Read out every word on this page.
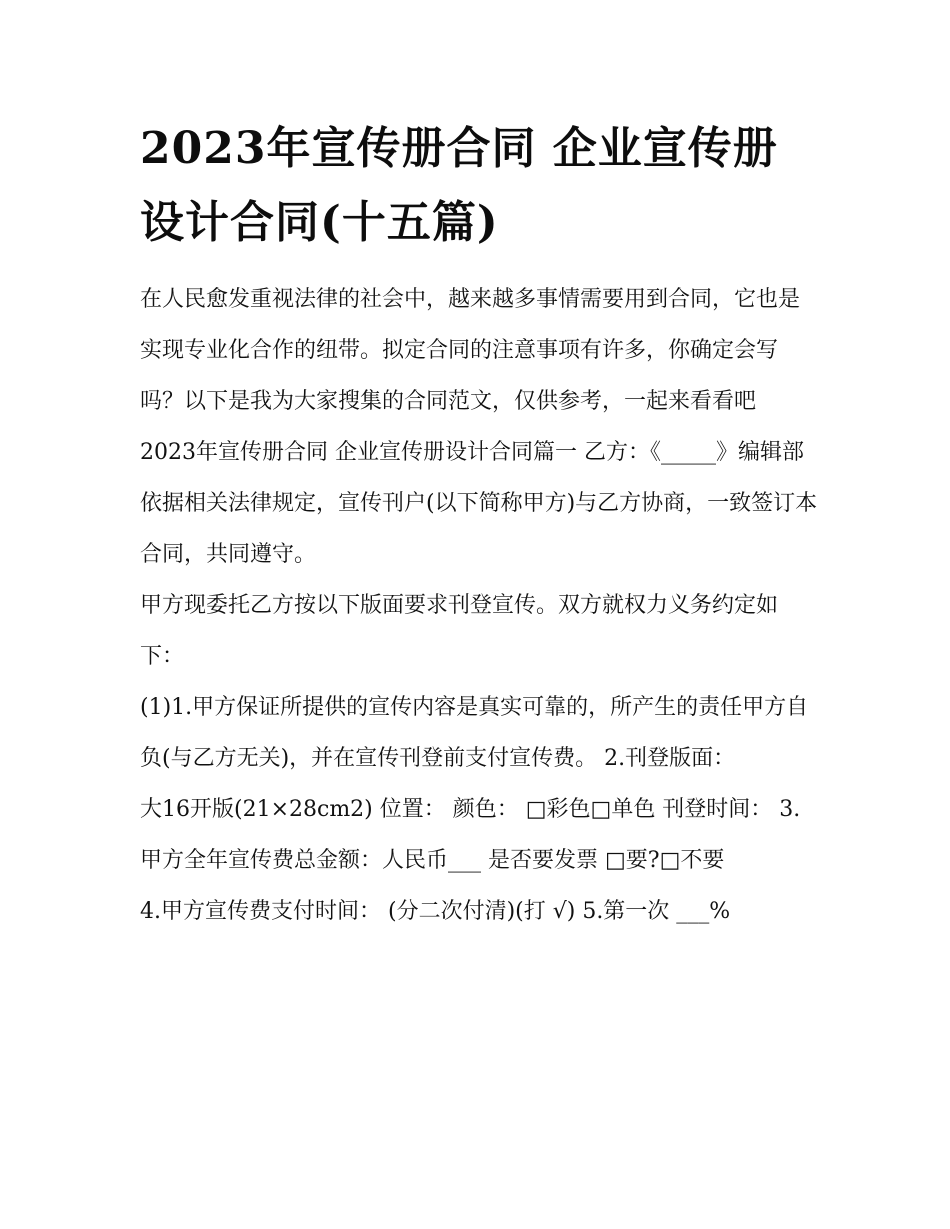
2023年宣传册合同 企业宣传册设计合同(十五篇)

在人民愈发重视法律的社会中，越来越多事情需要用到合同，它也是实现专业化合作的纽带。拟定合同的注意事项有许多，你确定会写吗？以下是我为大家搜集的合同范文，仅供参考，一起来看看吧

2023年宣传册合同 企业宣传册设计合同篇一 乙方：《_____》编辑部 依据相关法律规定，宣传刊户(以下简称甲方)与乙方协商，一致签订本合同，共同遵守。

甲方现委托乙方按以下版面要求刊登宣传。双方就权力义务约定如下：

(1)1.甲方保证所提供的宣传内容是真实可靠的，所产生的责任甲方自负(与乙方无关)，并在宣传刊登前支付宣传费。 2.刊登版面：

大16开版(21×28cm2) 位置： 颜色： □彩色□单色 刊登时间： 3.甲方全年宣传费总金额：人民币___ 是否要发票 □要?□不要

4.甲方宣传费支付时间： (分二次付清)(打 √) 5.第一次 ___%
